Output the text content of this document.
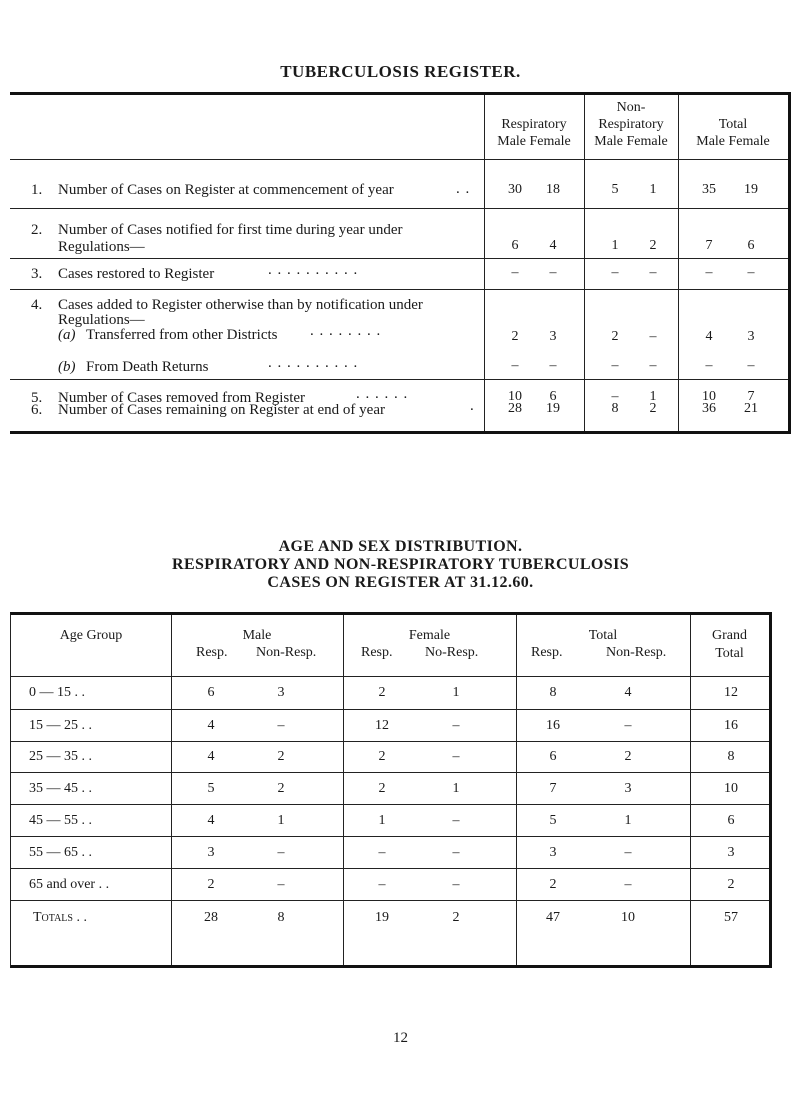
TUBERCULOSIS REGISTER.
Respiratory
Male Female
Non-
Respiratory
Male Female
Total
Male Female
1. Number of Cases on Register at commencement of year	. .	30	18	5	1	35	19
2. Number of Cases notified for first time during year under
Regulations—	6	4	1	2	7	6
3. Cases restored to Register	. . . . . . . . . .	–	–	–	–	–	–
4. Cases added to Register otherwise than by notification under
Regulations—
(a) Transferred from other Districts . . . . . . . .	2	3	2	–	4	3
(b) From Death Returns	. . . . . . . . . .	–	–	–	–	–	–
5. Number of Cases removed from Register	. . . . . .	10	6	–	1	10	7
6. Number of Cases remaining on Register at end of year	.	28	19	8	2	36	21
AGE AND SEX DISTRIBUTION.
RESPIRATORY AND NON-RESPIRATORY TUBERCULOSIS
CASES ON REGISTER AT 31.12.60.
Age Group	Male
Resp. Non-Resp.
Female
Resp. No-Resp.
Total
Resp.	Non-Resp.
Grand
Total
0 — 15 . .	6	3	2	1	8	4	12
15 — 25 . .	4	–	12	–	16	–	16
25 — 35 . .	4	2	2	–	6	2	8
35 — 45 . .	5	2	2	1	7	3	10
45 — 55 . .	4	1	1	–	5	1	6
55 — 65 . .	3	–	–	–	3	–	3
65 and over . .	2	–	–	–	2	–	2
Totals . .	28	8	19	2	47	10	57
12
